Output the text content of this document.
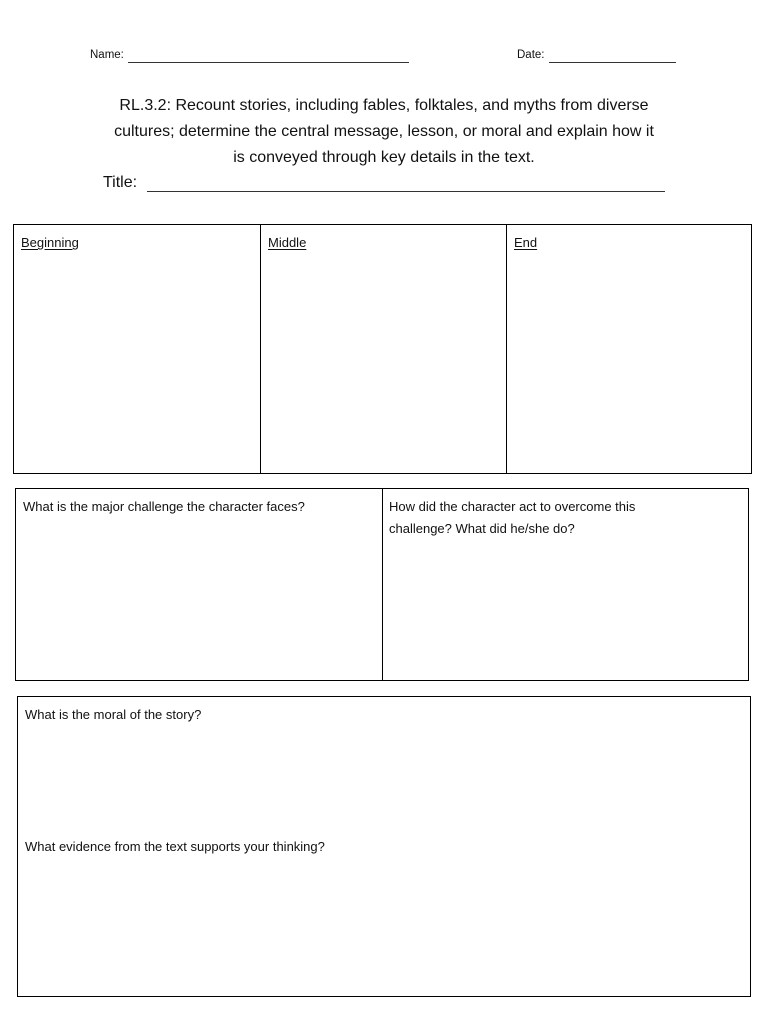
Name:	Date:
RL.3.2: Recount stories, including fables, folktales, and myths from diverse
cultures; determine the central message, lesson, or moral and explain how it
is conveyed through key details in the text.
Title:
Beginning	Middle	End
What is the major challenge the character faces?	How did the character act to overcome this challenge? What did he/she do?
What is the moral of the story?
What evidence from the text supports your thinking?
